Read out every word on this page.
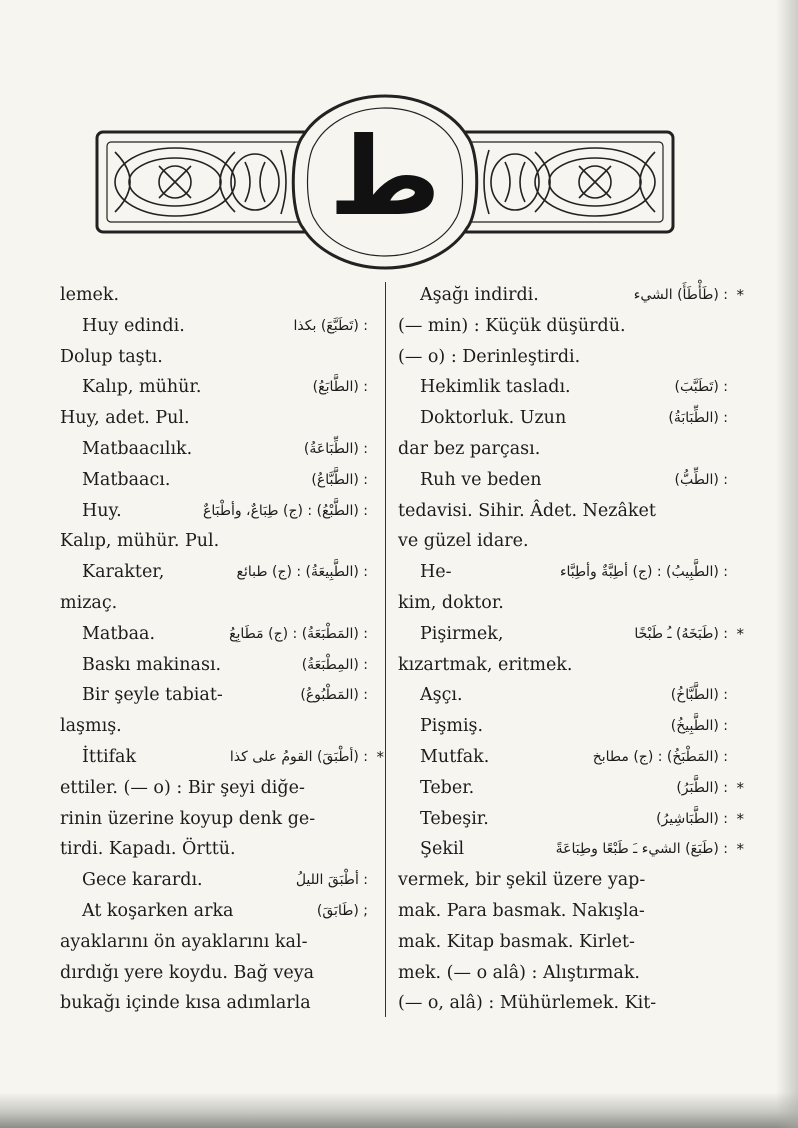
ط
lemek.
Huy edindi.	: (تَطَبَّعَ) بكذا
Dolup taştı.
Kalıp, mühür.	: (الطَّابَعُ)
Huy, adet. Pul.
Matbaacılık.	: (الطِّبَاعَةُ)
Matbaacı.	: (الطَّبَّاعُ)
Huy.	: (الطَّبْعُ) : (ج) طِبَاعٌ، وأطْبَاعٌ
Kalıp, mühür. Pul.
Karakter,	: (الطَّبِيعَةُ) : (ج) طبائع
mizaç.
Matbaa.	: (المَطْبَعَةُ) : (ج) مَطَابِعُ
Baskı makinası.	: (المِطْبَعَةُ)
Bir şeyle tabiat-	: (المَطْبُوعُ)
laşmış.
İttifak	: (أطْبَقَ) القومُ على كذا *
ettiler. (— o) : Bir şeyi diğe-
rinin üzerine koyup denk ge-
tirdi. Kapadı. Örttü.
Gece karardı.	: أطْبَقَ الليلُ
At koşarken arka	; (طَابَقَ)
ayaklarını ön ayaklarını kal-
dırdığı yere koydu. Bağ veya
bukağı içinde kısa adımlarla
Aşağı indirdi.	: (طَأْطَأَ) الشيء *
(— min) : Küçük düşürdü.
(— o) : Derinleştirdi.
Hekimlik tasladı.	: (تَطَبَّبَ)
Doktorluk. Uzun	: (الطِّبَابَةُ)
dar bez parçası.
Ruh ve beden	: (الطِّبُّ)
tedavisi. Sihir. Âdet. Nezâket
ve güzel idare.
He-	: (الطَّبِيبُ) : (ج) أطِبَّةٌ وأطِبَّاء
kim, doktor.
Pişirmek,	: (طَبَخَهُ) ـُ طَبْخًا *
kızartmak, eritmek.
Aşçı.	: (الطَّبَّاخُ)
Pişmiş.	: (الطَّبِيخُ)
Mutfak.	: (المَطْبَخُ) : (ج) مطابخ
Teber.	: (الطَّبَرُ) *
Tebeşir.	: (الطَّبَاشِيرُ) *
Şekil	: (طَبَعَ) الشيء ـَ طَبْعًا وطِبَاعَةً *
vermek, bir şekil üzere yap-
mak. Para basmak. Nakışla-
mak. Kitap basmak. Kirlet-
mek. (— o alâ) : Alıştırmak.
(— o, alâ) : Mühürlemek. Kit-
